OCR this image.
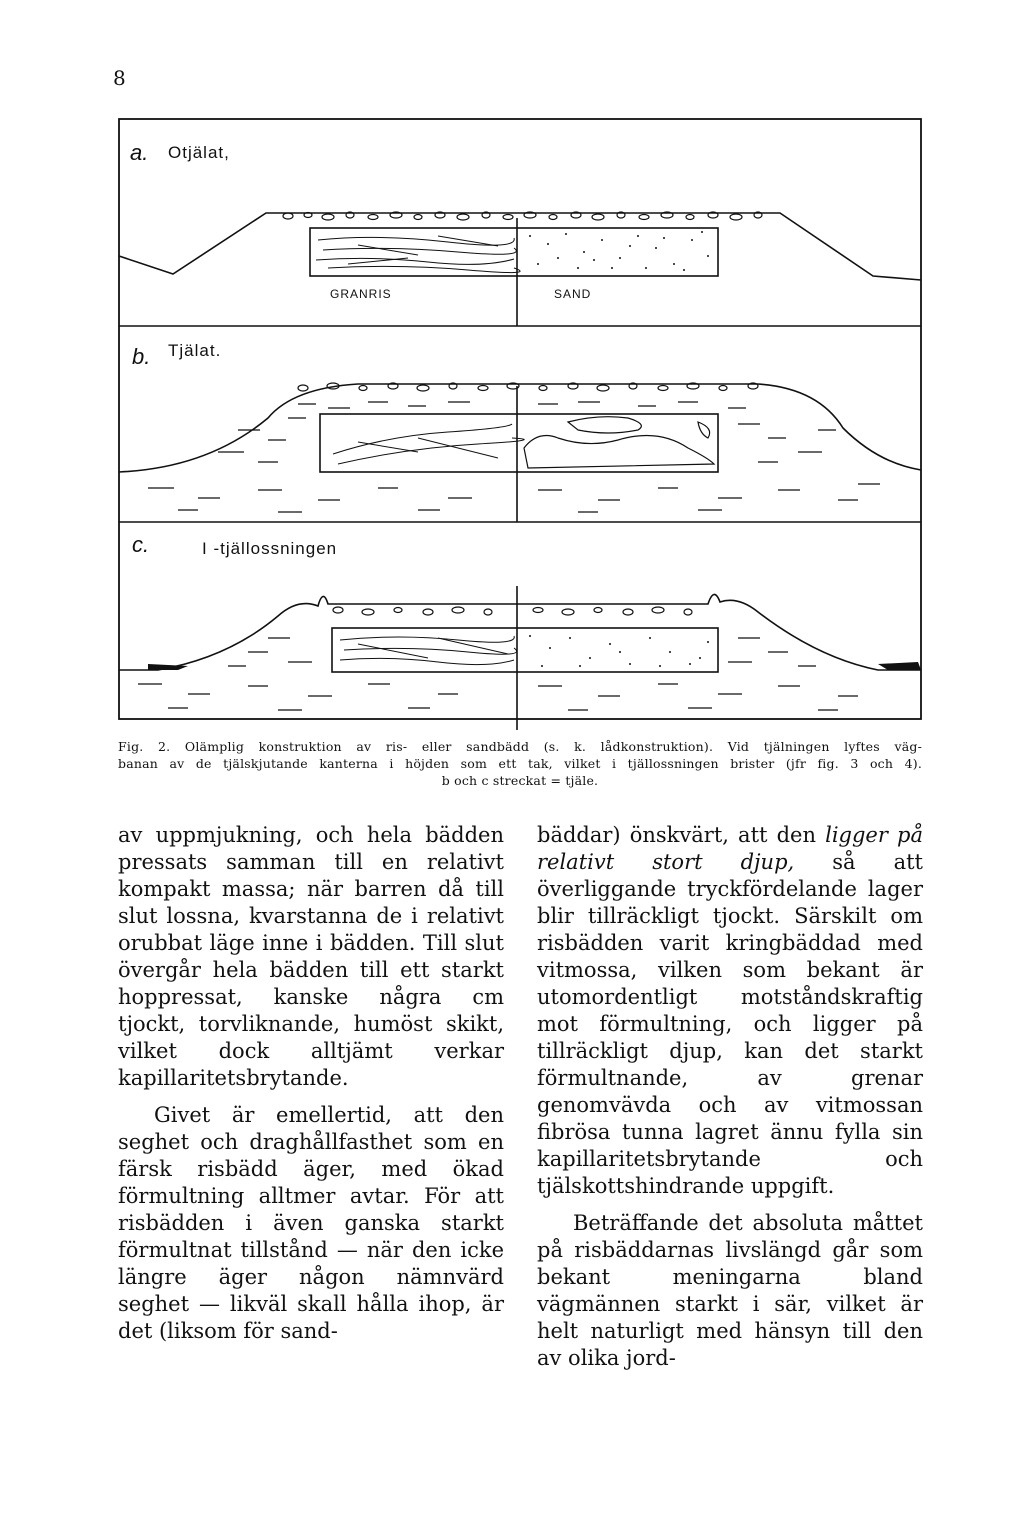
8
a. Otjälat,
GRANRIS	SAND
b. Tjälat.
c.	I -tjällossningen
Fig. 2. Olämplig konstruktion av ris- eller sandbädd (s. k. lådkonstruktion). Vid tjälningen lyftes väg-
banan av de tjälskjutande kanterna i höjden som ett tak, vilket i tjällossningen brister (jfr fig. 3 och 4).
b och c streckat = tjäle.

av uppmjukning, och hela bädden pressats samman till en relativt kompakt massa; när barren då till slut lossna, kvarstanna de i relativt orubbat läge inne i bädden. Till slut övergår hela bädden till ett starkt hoppressat, kanske några cm tjockt, torvliknande, humöst skikt, vilket dock alltjämt verkar kapillaritetsbrytande.

Givet är emellertid, att den seghet och draghållfasthet som en färsk risbädd äger, med ökad förmultning alltmer avtar. För att risbädden i även ganska starkt förmultnat tillstånd — när den icke längre äger någon nämnvärd seghet — likväl skall hålla ihop, är det (liksom för sand-

bäddar) önskvärt, att den ligger på relativt stort djup, så att överliggande tryckfördelande lager blir tillräckligt tjockt. Särskilt om risbädden varit kringbäddad med vitmossa, vilken som bekant är utomordentligt motståndskraftig mot förmultning, och ligger på tillräckligt djup, kan det starkt förmultnande, av grenar genomvävda och av vitmossan fibrösa tunna lagret ännu fylla sin kapillaritetsbrytande och tjälskottshindrande uppgift.

Beträffande det absoluta måttet på risbäddarnas livslängd går som bekant meningarna bland vägmännen starkt i sär, vilket är helt naturligt med hänsyn till den av olika jord-
